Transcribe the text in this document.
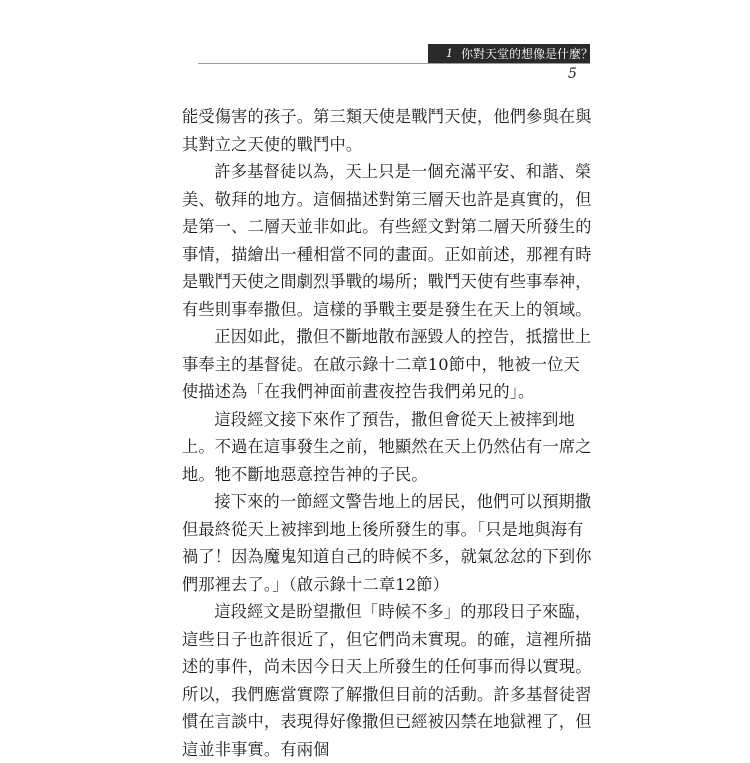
1 你對天堂的想像是什麼？
5

能受傷害的孩子。第三類天使是戰鬥天使，他們參與在與其對立之天使的戰鬥中。

許多基督徒以為，天上只是一個充滿平安、和諧、榮美、敬拜的地方。這個描述對第三層天也許是真實的，但是第一、二層天並非如此。有些經文對第二層天所發生的事情，描繪出一種相當不同的畫面。正如前述，那裡有時是戰鬥天使之間劇烈爭戰的場所；戰鬥天使有些事奉神，有些則事奉撒但。這樣的爭戰主要是發生在天上的領域。

正因如此，撒但不斷地散布誣毀人的控告，抵擋世上事奉主的基督徒。在啟示錄十二章10節中，牠被一位天使描述為「在我們神面前晝夜控告我們弟兄的」。

這段經文接下來作了預告，撒但會從天上被摔到地上。不過在這事發生之前，牠顯然在天上仍然佔有一席之地。牠不斷地惡意控告神的子民。

接下來的一節經文警告地上的居民，他們可以預期撒但最終從天上被摔到地上後所發生的事。「只是地與海有禍了！因為魔鬼知道自己的時候不多，就氣忿忿的下到你們那裡去了。」（啟示錄十二章12節）

這段經文是盼望撒但「時候不多」的那段日子來臨，這些日子也許很近了，但它們尚未實現。的確，這裡所描述的事件，尚未因今日天上所發生的任何事而得以實現。所以，我們應當實際了解撒但目前的活動。許多基督徒習慣在言談中，表現得好像撒但已經被囚禁在地獄裡了，但這並非事實。有兩個
